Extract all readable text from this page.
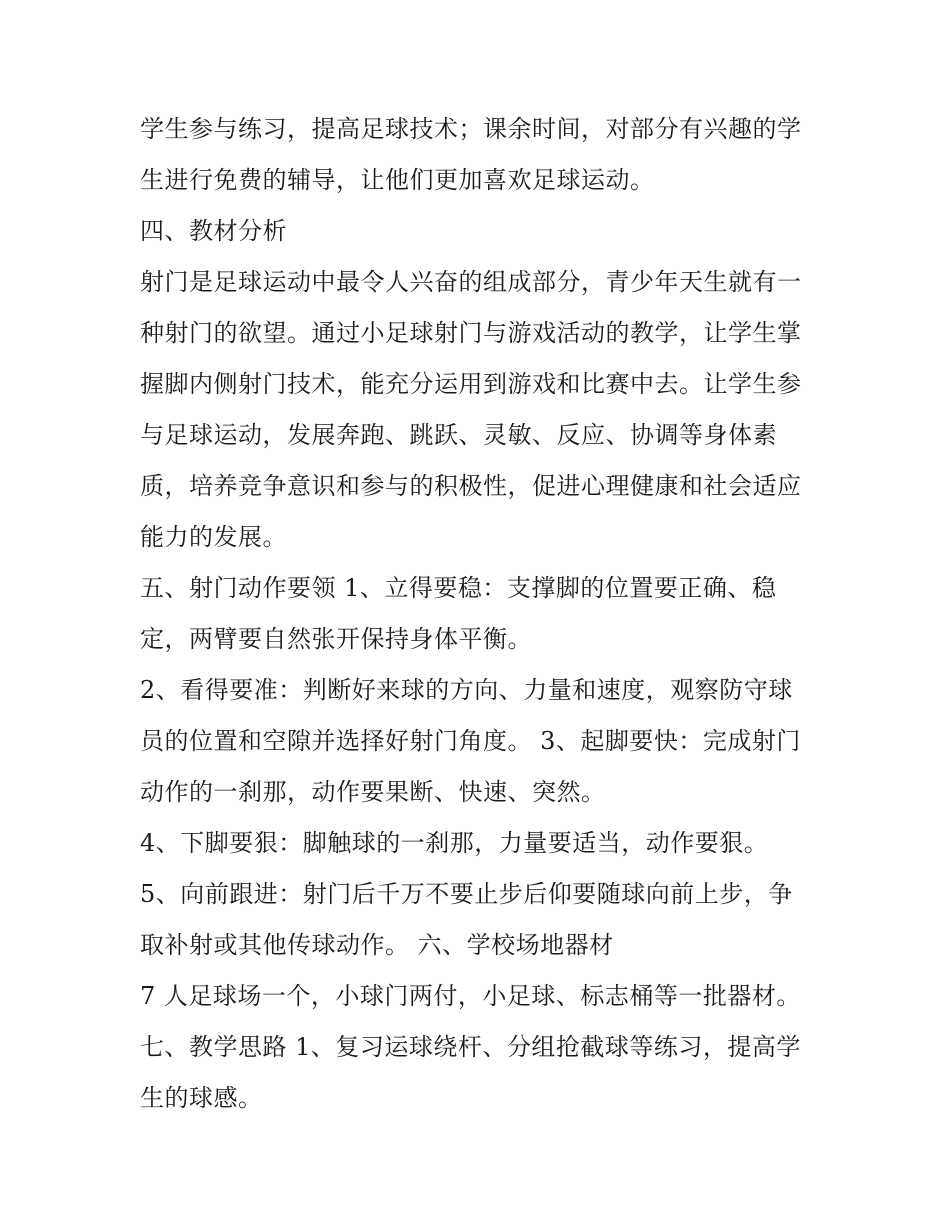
学生参与练习，提高足球技术；课余时间，对部分有兴趣的学
生进行免费的辅导，让他们更加喜欢足球运动。
四、教材分析
射门是足球运动中最令人兴奋的组成部分，青少年天生就有一
种射门的欲望。通过小足球射门与游戏活动的教学，让学生掌
握脚内侧射门技术，能充分运用到游戏和比赛中去。让学生参
与足球运动，发展奔跑、跳跃、灵敏、反应、协调等身体素
质，培养竞争意识和参与的积极性，促进心理健康和社会适应
能力的发展。
五、射门动作要领 1、立得要稳：支撑脚的位置要正确、稳
定，两臂要自然张开保持身体平衡。
2、看得要准：判断好来球的方向、力量和速度，观察防守球
员的位置和空隙并选择好射门角度。 3、起脚要快：完成射门
动作的一刹那，动作要果断、快速、突然。
4、下脚要狠：脚触球的一刹那，力量要适当，动作要狠。
5、向前跟进：射门后千万不要止步后仰要随球向前上步，争
取补射或其他传球动作。 六、学校场地器材
7 人足球场一个，小球门两付，小足球、标志桶等一批器材。
七、教学思路 1、复习运球绕杆、分组抢截球等练习，提高学
生的球感。
